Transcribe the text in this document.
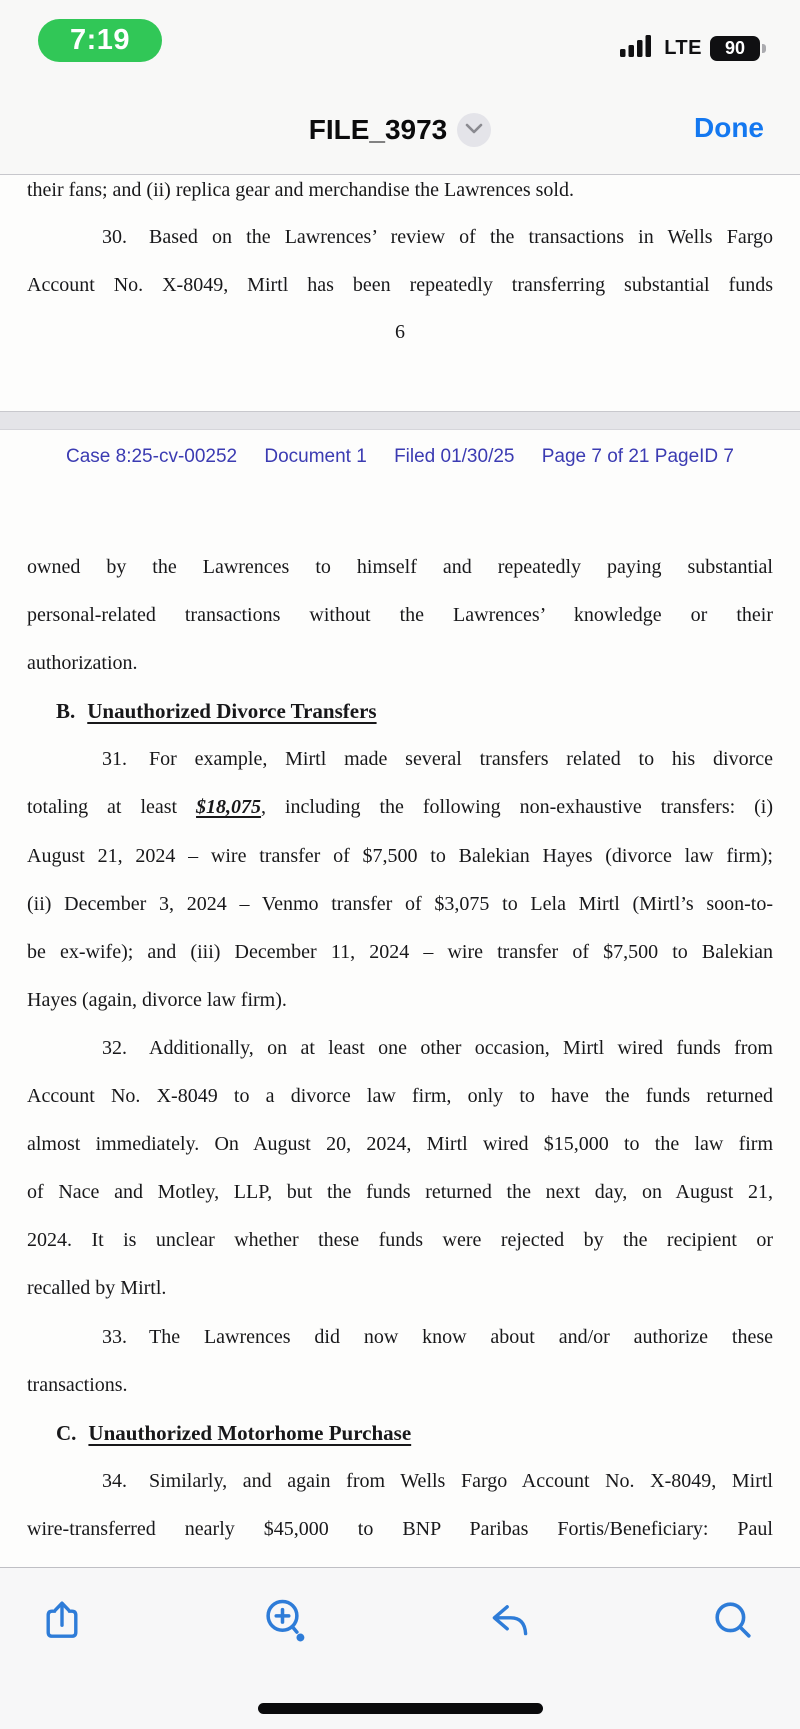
7:19	LTE 90
FILE_3973	Done
their fans; and (ii) replica gear and merchandise the Lawrences sold.
30. Based on the Lawrences’ review of the transactions in Wells Fargo
Account No. X-8049, Mirtl has been repeatedly transferring substantial funds
6
Case 8:25-cv-00252 Document 1 Filed 01/30/25 Page 7 of 21 PageID 7
owned by the Lawrences to himself and repeatedly paying substantial
personal-related transactions without the Lawrences’ knowledge or their
authorization.
B. Unauthorized Divorce Transfers
31. For example, Mirtl made several transfers related to his divorce
totaling at least $18,075, including the following non-exhaustive transfers: (i)
August 21, 2024 – wire transfer of $7,500 to Balekian Hayes (divorce law firm);
(ii) December 3, 2024 – Venmo transfer of $3,075 to Lela Mirtl (Mirtl’s soon-to-
be ex-wife); and (iii) December 11, 2024 – wire transfer of $7,500 to Balekian
Hayes (again, divorce law firm).
32. Additionally, on at least one other occasion, Mirtl wired funds from
Account No. X-8049 to a divorce law firm, only to have the funds returned
almost immediately. On August 20, 2024, Mirtl wired $15,000 to the law firm
of Nace and Motley, LLP, but the funds returned the next day, on August 21,
2024. It is unclear whether these funds were rejected by the recipient or
recalled by Mirtl.
33. The Lawrences did now know about and/or authorize these
transactions.
C. Unauthorized Motorhome Purchase
34. Similarly, and again from Wells Fargo Account No. X-8049, Mirtl
wire-transferred nearly $45,000 to BNP Paribas Fortis/Beneficiary: Paul
